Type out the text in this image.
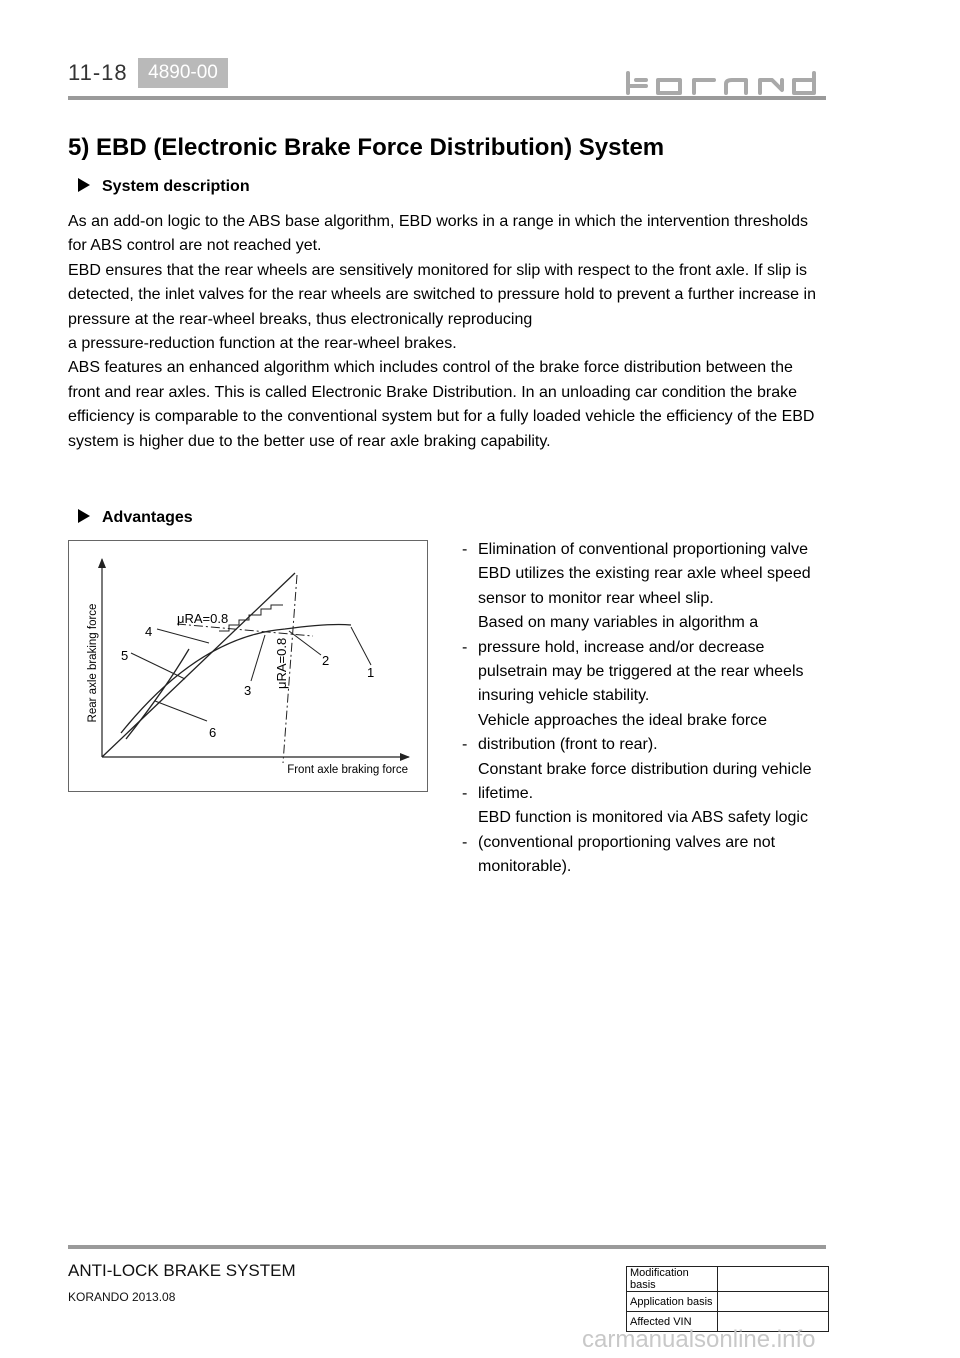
11-18	4890-00
5) EBD (Electronic Brake Force Distribution) System
System description

As an add-on logic to the ABS base algorithm, EBD works in a range in which the intervention thresholds for ABS control are not reached yet.

EBD ensures that the rear wheels are sensitively monitored for slip with respect to the front axle. If slip is detected, the inlet valves for the rear wheels are switched to pressure hold to prevent a further increase in pressure at the rear-wheel breaks, thus electronically reproducing

a pressure-reduction function at the rear-wheel brakes.

ABS features an enhanced algorithm which includes control of the brake force distribution between the front and rear axles. This is called Electronic Brake Distribution. In an unloading car condition the brake efficiency is comparable to the conventional system but for a fully loaded vehicle the efficiency of the EBD system is higher due to the better use of rear axle braking capability.

Advantages
μRA=0.8
μRA=0.8	1
2
3
4
5
6
Rear axle braking force
Front axle braking force
- Elimination of conventional proportioning valve
EBD utilizes the existing rear axle wheel speed
sensor to monitor rear wheel slip.
-
Based on many variables in algorithm a
pressure hold, increase and/or decrease
pulsetrain may be triggered at the rear wheels
insuring vehicle stability.
-
Vehicle approaches the ideal brake force
distribution (front to rear).
-
Constant brake force distribution during vehicle
lifetime.
-
EBD function is monitored via ABS safety logic
(conventional proportioning valves are not
monitorable).
ANTI-LOCK BRAKE SYSTEM
KORANDO 2013.08
Modification basis	
Application basis	
Affected VIN	
carmanualsonline.info
